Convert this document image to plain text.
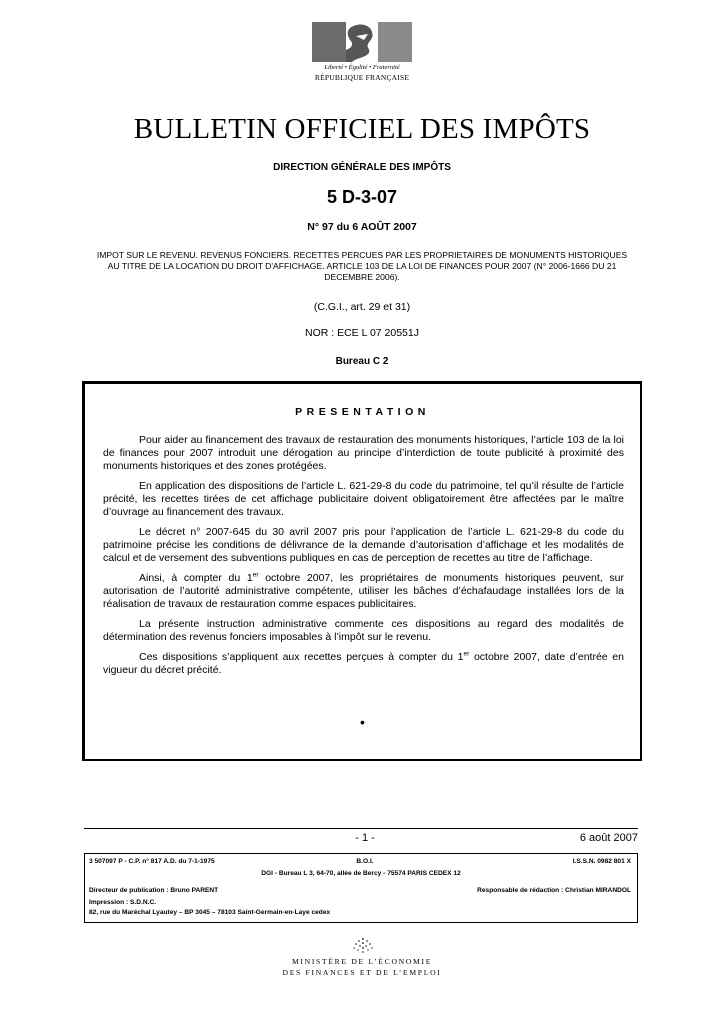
Liberté • Égalité • Fraternité
RÉPUBLIQUE FRANÇAISE
BULLETIN OFFICIEL DES IMPÔTS
DIRECTION GÉNÉRALE DES IMPÔTS
5 D-3-07
N° 97 du 6 AOÛT 2007
IMPOT SUR LE REVENU. REVENUS FONCIERS. RECETTES PERCUES PAR LES PROPRIETAIRES DE MONUMENTS HISTORIQUES AU TITRE DE LA LOCATION DU DROIT D'AFFICHAGE. ARTICLE 103 DE LA LOI DE FINANCES POUR 2007 (N° 2006-1666 DU 21 DECEMBRE 2006).
(C.G.I., art. 29 et 31)
NOR : ECE L 07 20551J
Bureau C 2
PRESENTATION

Pour aider au financement des travaux de restauration des monuments historiques, l’article 103 de la loi de finances pour 2007 introduit une dérogation au principe d’interdiction de toute publicité à proximité des monuments historiques et des zones protégées.

En application des dispositions de l’article L. 621-29-8 du code du patrimoine, tel qu’il résulte de l’article précité, les recettes tirées de cet affichage publicitaire doivent obligatoirement être affectées par le maître d’ouvrage au financement des travaux.

Le décret n° 2007-645 du 30 avril 2007 pris pour l’application de l’article L. 621-29-8 du code du patrimoine précise les conditions de délivrance de la demande d’autorisation d’affichage et les modalités de calcul et de versement des subventions publiques en cas de perception de recettes au titre de l’affichage.

Ainsi, à compter du 1er octobre 2007, les propriétaires de monuments historiques peuvent, sur autorisation de l’autorité administrative compétente, utiliser les bâches d’échafaudage installées lors de la réalisation de travaux de restauration comme espaces publicitaires.

La présente instruction administrative commente ces dispositions au regard des modalités de détermination des revenus fonciers imposables à l’impôt sur le revenu.

Ces dispositions s’appliquent aux recettes perçues à compter du 1er octobre 2007, date d’entrée en vigueur du décret précité.

•
- 1 -	6 août 2007
3 507097 P - C.P. n° 817 A.D. du 7-1-1975	B.O.I.	I.S.S.N. 0982 801 X
DGI - Bureau L 3, 64-70, allée de Bercy - 75574 PARIS CEDEX 12
Directeur de publication : Bruno PARENT	Responsable de rédaction : Christian MIRANDOL
Impression : S.D.N.C.
82, rue du Maréchal Lyautey – BP 3045 – 78103 Saint-Germain-en-Laye cedex
MINISTÈRE DE L’ÉCONOMIE
DES FINANCES ET DE L’EMPLOI
